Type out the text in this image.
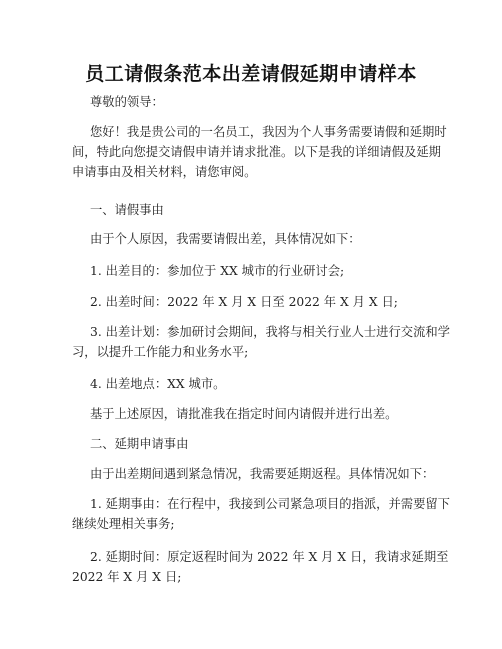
员工请假条范本出差请假延期申请样本

尊敬的领导：

您好！我是贵公司的一名员工，我因为个人事务需要请假和延期时
间，特此向您提交请假申请并请求批准。以下是我的详细请假及延期
申请事由及相关材料，请您审阅。

一、请假事由

由于个人原因，我需要请假出差，具体情况如下：

1. 出差目的：参加位于 XX 城市的行业研讨会;

2. 出差时间：2022 年 X 月 X 日至 2022 年 X 月 X 日;

3. 出差计划：参加研讨会期间，我将与相关行业人士进行交流和学
习，以提升工作能力和业务水平;

4. 出差地点：XX 城市。

基于上述原因，请批准我在指定时间内请假并进行出差。

二、延期申请事由

由于出差期间遇到紧急情况，我需要延期返程。具体情况如下：

1. 延期事由：在行程中，我接到公司紧急项目的指派，并需要留下
继续处理相关事务;

2. 延期时间：原定返程时间为 2022 年 X 月 X 日，我请求延期至
2022 年 X 月 X 日;
